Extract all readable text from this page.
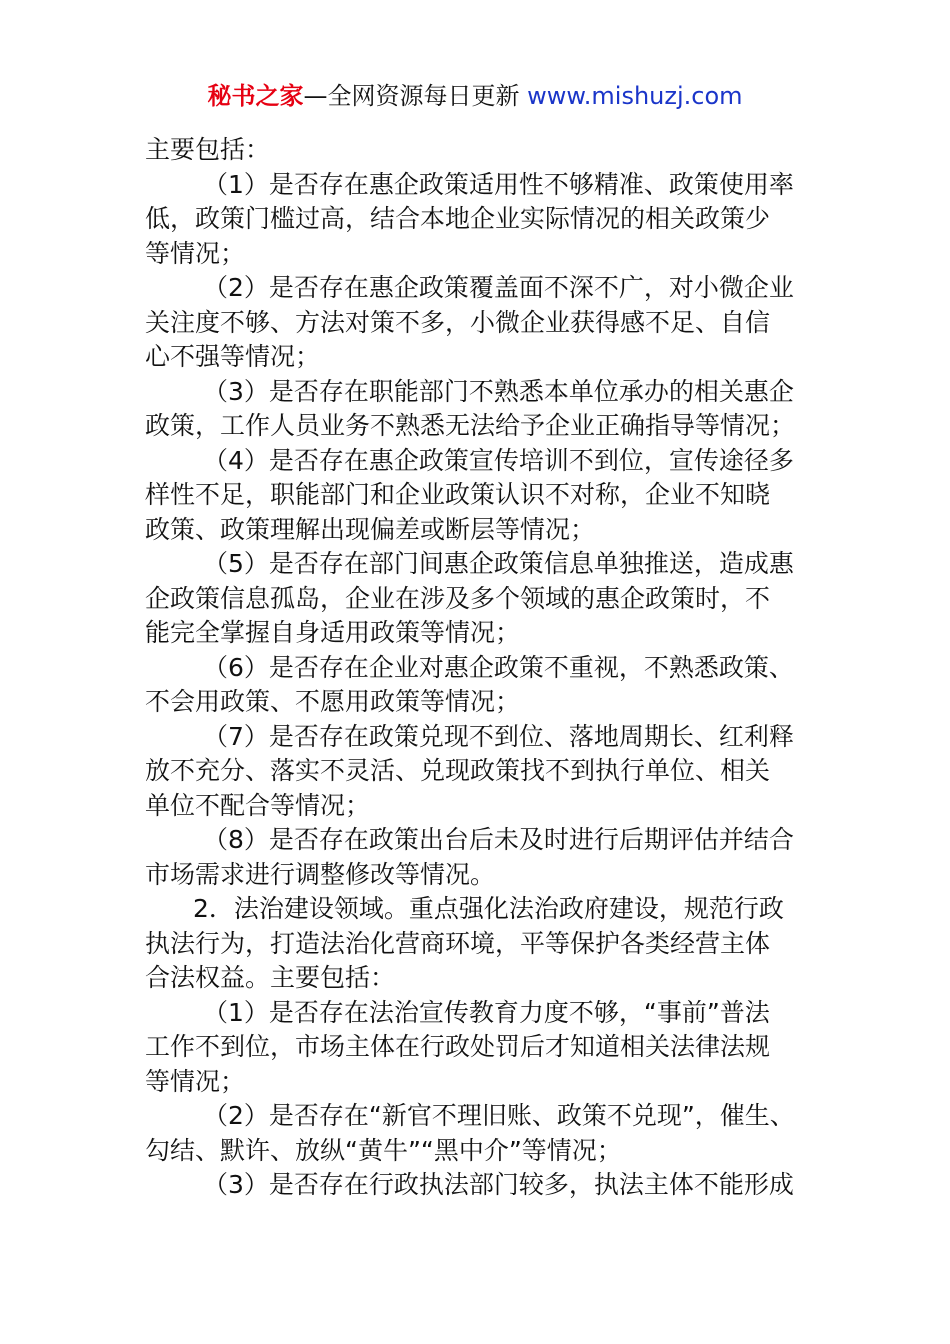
秘书之家—全网资源每日更新 www.mishuzj.com

主要包括：

（1）是否存在惠企政策适用性不够精准、政策使用率

低，政策门槛过高，结合本地企业实际情况的相关政策少

等情况；

（2）是否存在惠企政策覆盖面不深不广，对小微企业

关注度不够、方法对策不多，小微企业获得感不足、自信

心不强等情况；

（3）是否存在职能部门不熟悉本单位承办的相关惠企

政策，工作人员业务不熟悉无法给予企业正确指导等情况；

（4）是否存在惠企政策宣传培训不到位，宣传途径多

样性不足，职能部门和企业政策认识不对称，企业不知晓

政策、政策理解出现偏差或断层等情况；

（5）是否存在部门间惠企政策信息单独推送，造成惠

企政策信息孤岛，企业在涉及多个领域的惠企政策时，不

能完全掌握自身适用政策等情况；

（6）是否存在企业对惠企政策不重视，不熟悉政策、

不会用政策、不愿用政策等情况；

（7）是否存在政策兑现不到位、落地周期长、红利释

放不充分、落实不灵活、兑现政策找不到执行单位、相关

单位不配合等情况；

（8）是否存在政策出台后未及时进行后期评估并结合

市场需求进行调整修改等情况。

2．法治建设领域。重点强化法治政府建设，规范行政

执法行为，打造法治化营商环境，平等保护各类经营主体

合法权益。主要包括：

（1）是否存在法治宣传教育力度不够，“事前”普法

工作不到位，市场主体在行政处罚后才知道相关法律法规

等情况；

（2）是否存在“新官不理旧账、政策不兑现”，催生、

勾结、默许、放纵“黄牛”“黑中介”等情况；

（3）是否存在行政执法部门较多，执法主体不能形成
